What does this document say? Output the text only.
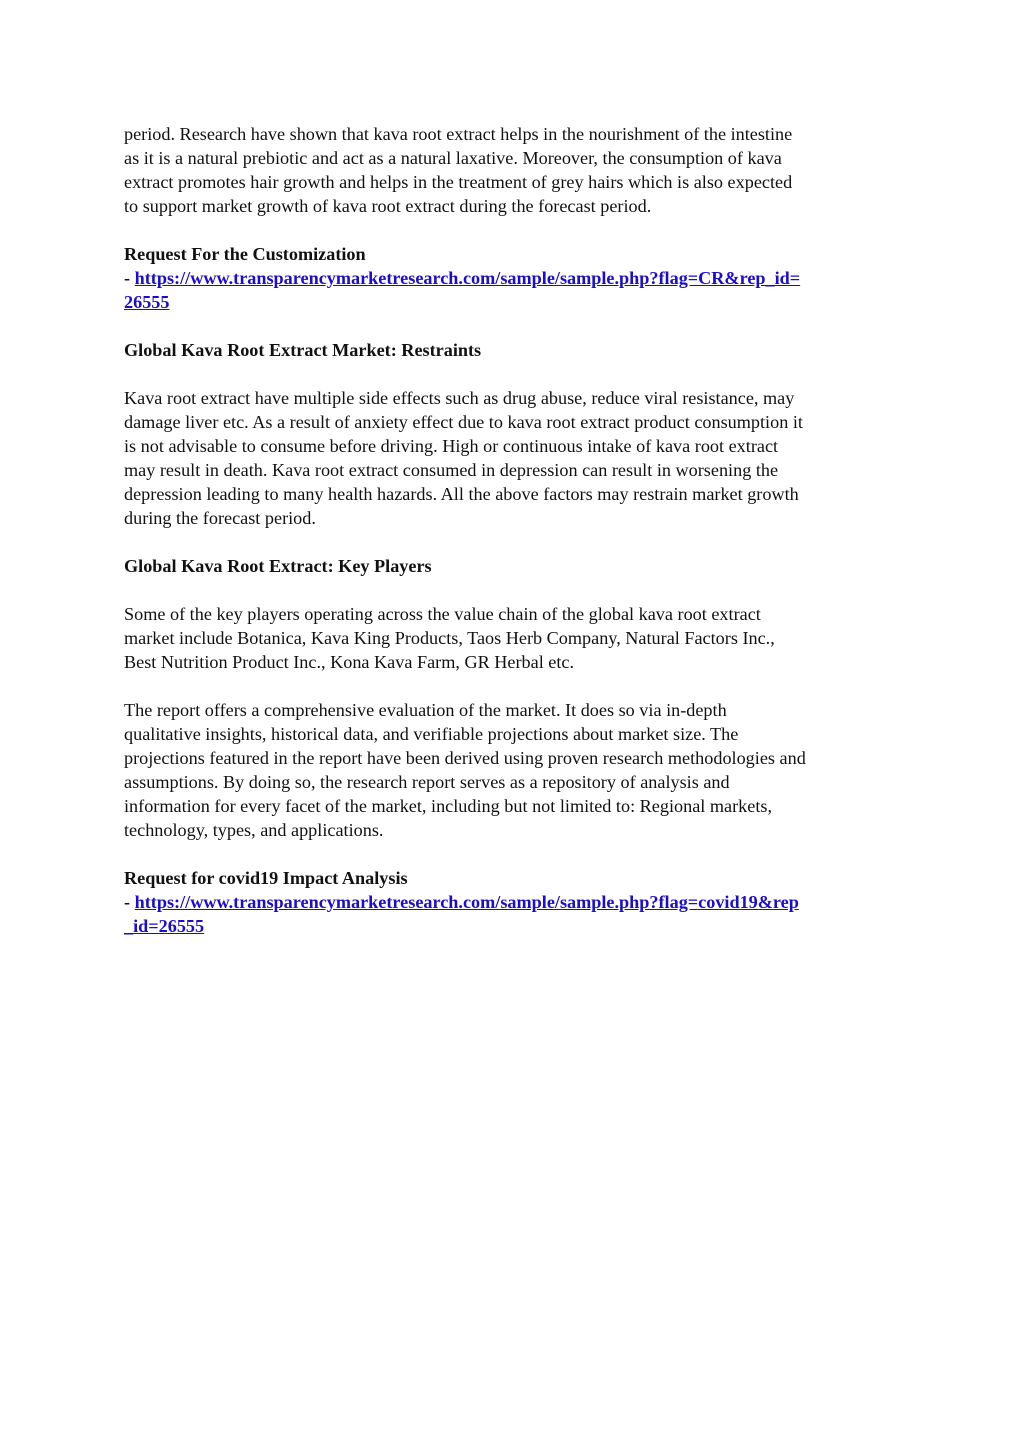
period. Research have shown that kava root extract helps in the nourishment of the intestine
as it is a natural prebiotic and act as a natural laxative. Moreover, the consumption of kava
extract promotes hair growth and helps in the treatment of grey hairs which is also expected
to support market growth of kava root extract during the forecast period.
Request For the Customization
- https://www.transparencymarketresearch.com/sample/sample.php?flag=CR&rep_id=
26555
Global Kava Root Extract Market: Restraints
Kava root extract have multiple side effects such as drug abuse, reduce viral resistance, may
damage liver etc. As a result of anxiety effect due to kava root extract product consumption it
is not advisable to consume before driving. High or continuous intake of kava root extract
may result in death. Kava root extract consumed in depression can result in worsening the
depression leading to many health hazards. All the above factors may restrain market growth
during the forecast period.
Global Kava Root Extract: Key Players
Some of the key players operating across the value chain of the global kava root extract
market include Botanica, Kava King Products, Taos Herb Company, Natural Factors Inc.,
Best Nutrition Product Inc., Kona Kava Farm, GR Herbal etc.
The report offers a comprehensive evaluation of the market. It does so via in-depth
qualitative insights, historical data, and verifiable projections about market size. The
projections featured in the report have been derived using proven research methodologies and
assumptions. By doing so, the research report serves as a repository of analysis and
information for every facet of the market, including but not limited to: Regional markets,
technology, types, and applications.
Request for covid19 Impact Analysis
- https://www.transparencymarketresearch.com/sample/sample.php?flag=covid19&rep
_id=26555
